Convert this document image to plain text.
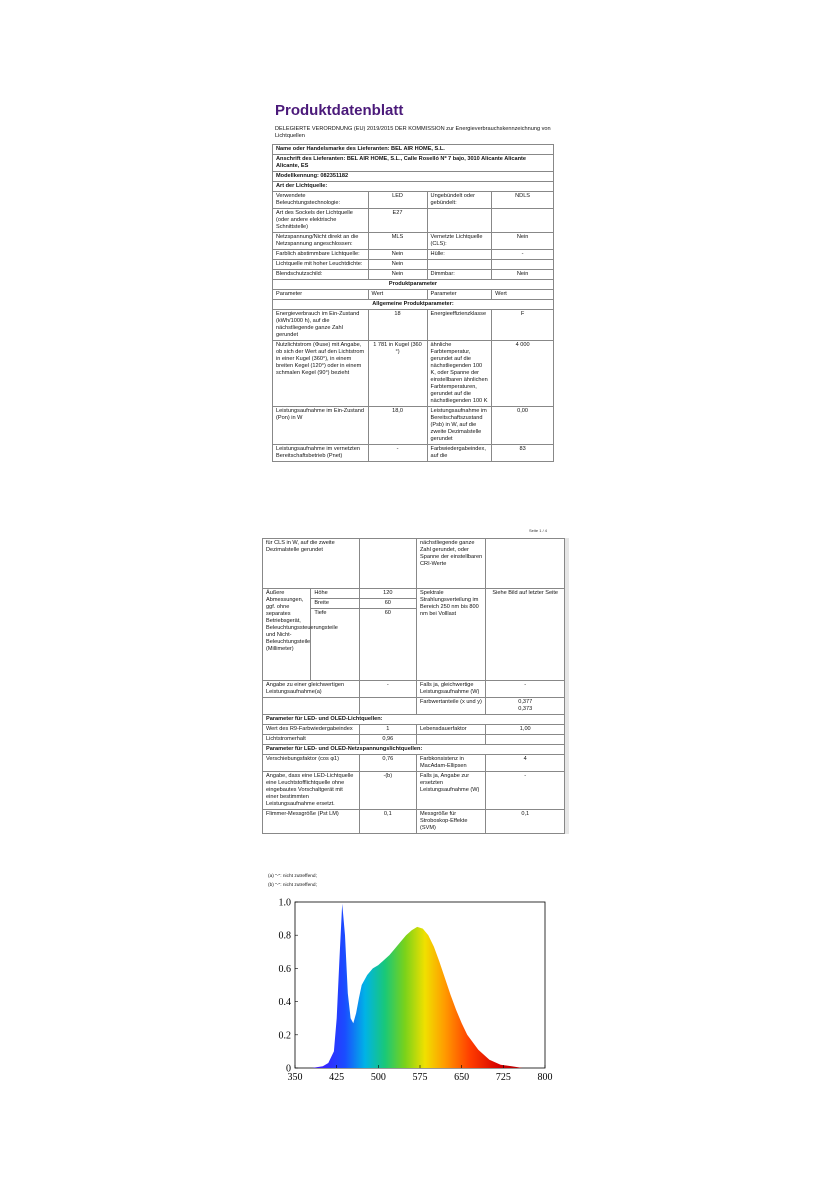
Produktdatenblatt
DELEGIERTE VERORDNUNG (EU) 2019/2015 DER KOMMISSION zur Energieverbrauchskennzeichnung von Lichtquellen
Name oder Handelsmarke des Lieferanten: BEL AIR HOME, S.L.			
Anschrift des Lieferanten: BEL AIR HOME, S.L., Calle Roselló Nº 7 bajo, 3010 Alicante Alicante Alicante, ES			
Modellkennung: 082351182			
Art der Lichtquelle:			
Verwendete Beleuchtungstechnologie:	LED	Ungebündelt oder gebündelt:	NDLS
Art des Sockels der Lichtquelle (oder andere elektrische Schnittstelle)	E27		
Netzspannung/Nicht direkt an die Netzspannung angeschlossen:	MLS	Vernetzte Lichtquelle (CLS):	Nein
Farblich abstimmbare Lichtquelle:	Nein	Hülle:	-
Lichtquelle mit hoher Leuchtdichte:	Nein		
Blendschutzschild:	Nein	Dimmbar:	Nein
Produktparameter			
Parameter	Wert	Parameter	Wert
Allgemeine Produktparameter:			
Energieverbrauch im Ein-Zustand (kWh/1000 h), auf die nächstliegende ganze Zahl gerundet	18	Energieeffizienzklasse	F
Nutzlichtstrom (Φuse) mit Angabe, ob sich der Wert auf den Lichtstrom in einer Kugel (360°), in einem breiten Kegel (120°) oder in einem schmalen Kegel (90°) bezieht	1 781 in Kugel (360 °)	ähnliche Farbtemperatur, gerundet auf die nächstliegenden 100 K, oder Spanne der einstellbaren ähnlichen Farbtemperaturen, gerundet auf die nächstliegenden 100 K	4 000
Leistungsaufnahme im Ein-Zustand (Pon) in W	18,0	Leistungsaufnahme im Bereitschaftszustand (Psb) in W, auf die zweite Dezimalstelle gerundet	0,00
Leistungsaufnahme im vernetzten Bereitschaftsbetrieb (Pnet)	-	Farbwiedergabeindex, auf die	83
Seite 1 / 4
für CLS in W, auf die zweite Dezimalstelle gerundet			nächstliegende ganze Zahl gerundet, oder Spanne der einstellbaren CRI-Werte	
Äußere Abmessungen, ggf. ohne separates Betriebsgerät, Beleuchtungssteuerungsteile und Nicht-Beleuchtungsteile (Millimeter)	Höhe	120	Spektrale Strahlungsverteilung im Bereich 250 nm bis 800 nm bei Volllast	Siehe Bild auf letzter Seite
	Breite	60		
	Tiefe	60		
Angabe zu einer gleichwertigen Leistungsaufnahme(a)		-	Falls ja, gleichwertige Leistungsaufnahme (W)	-
			Farbwertanteile (x und y)	0,377
0,373
Parameter für LED- und OLED-Lichtquellen:				
Wert des R9-Farbwiedergabeindex		1	Lebensdauerfaktor	1,00
Lichtstromerhalt		0,96		
Parameter für LED- und OLED-Netzspannungslichtquellen:				
Verschiebungsfaktor (cos φ1)		0,76	Farbkonsistenz in MacAdam-Ellipsen	4
Angabe, dass eine LED-Lichtquelle eine Leuchtstofflichtquelle ohne eingebautes Vorschaltgerät mit einer bestimmten Leistungsaufnahme ersetzt.		-(b)	Falls ja, Angabe zur ersetzten Leistungsaufnahme (W)	-
Flimmer-Messgröße (Pst LM)		0,1	Messgröße für Stroboskop-Effekte (SVM)	0,1
(a) "-": nicht zutreffend;
(b) "-": nicht zutreffend;
350	425	500	575	650	725	800
0
0.2
0.4
0.6
0.8
1.0
